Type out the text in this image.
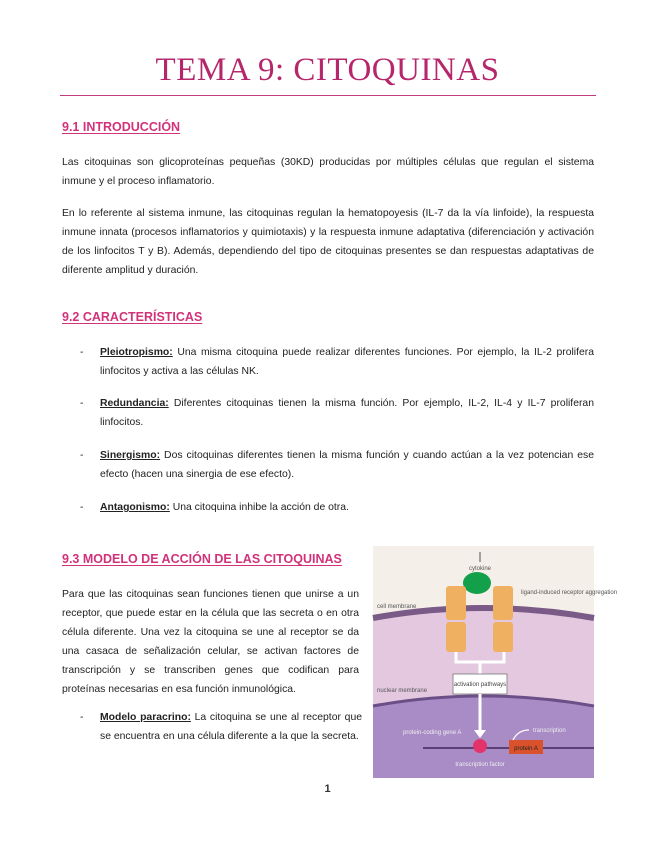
TEMA 9: CITOQUINAS
9.1 INTRODUCCIÓN
Las citoquinas son glicoproteínas pequeñas (30KD) producidas por múltiples células que regulan el sistema inmune y el proceso inflamatorio.
En lo referente al sistema inmune, las citoquinas regulan la hematopoyesis (IL-7 da la vía linfoide), la respuesta inmune innata (procesos inflamatorios y quimiotaxis) y la respuesta inmune adaptativa (diferenciación y activación de los linfocitos T y B). Además, dependiendo del tipo de citoquinas presentes se dan respuestas adaptativas de diferente amplitud y duración.
9.2 CARACTERÍSTICAS
- Pleiotropismo: Una misma citoquina puede realizar diferentes funciones. Por ejemplo, la IL-2 prolifera linfocitos y activa a las células NK.
- Redundancia: Diferentes citoquinas tienen la misma función. Por ejemplo, IL-2, IL-4 y IL-7 proliferan linfocitos.
- Sinergismo: Dos citoquinas diferentes tienen la misma función y cuando actúan a la vez potencian ese efecto (hacen una sinergia de ese efecto).
- Antagonismo: Una citoquina inhibe la acción de otra.
9.3 MODELO DE ACCIÓN DE LAS CITOQUINAS
Para que las citoquinas sean funciones tienen que unirse a un receptor, que puede estar en la célula que las secreta o en otra célula diferente. Una vez la citoquina se une al receptor se da una casaca de señalización celular, se activan factores de transcripción y se transcriben genes que codifican para proteínas necesarias en esa función inmunológica.
- Modelo paracrino: La citoquina se une al receptor que se encuentra en una célula diferente a la que la secreta.
cytokine
ligand-induced receptor aggregation
cell membrane
activation pathways
nuclear membrane
protein-coding gene A
transcription factor
protein A
transcription
1
